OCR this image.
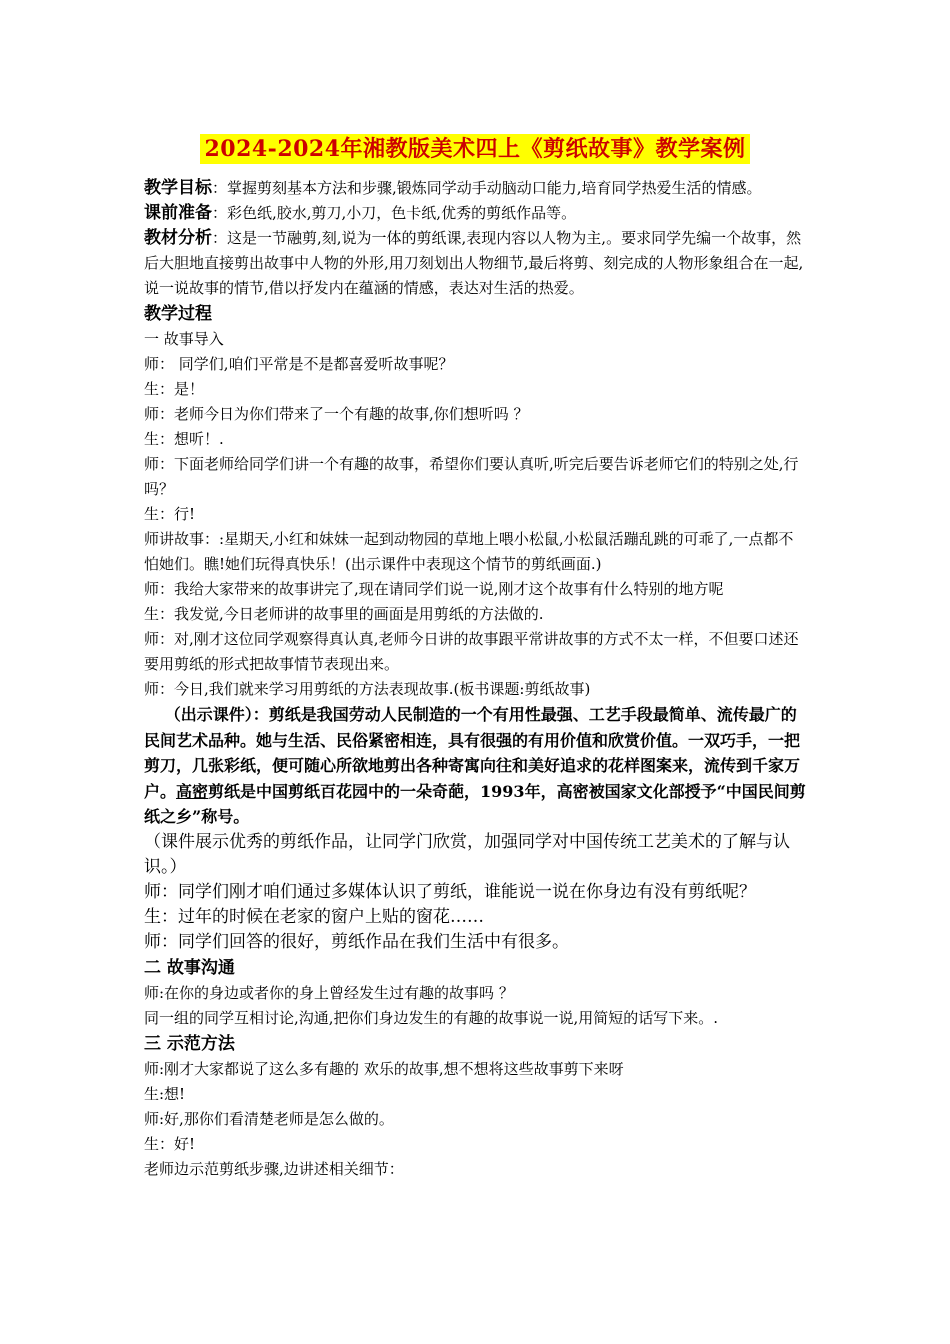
2024-2024年湘教版美术四上《剪纸故事》教学案例

教学目标：掌握剪刻基本方法和步骤,锻炼同学动手动脑动口能力,培育同学热爱生活的情感。

课前准备：彩色纸,胶水,剪刀,小刀，色卡纸,优秀的剪纸作品等。

教材分析：这是一节融剪,刻,说为一体的剪纸课,表现内容以人物为主,。要求同学先编一个故事，然后大胆地直接剪出故事中人物的外形,用刀刻划出人物细节,最后将剪、刻完成的人物形象组合在一起,说一说故事的情节,借以抒发内在蕴涵的情感，表达对生活的热爱。

教学过程

一 故事导入

师： 同学们,咱们平常是不是都喜爱听故事呢？

生：是！

师：老师今日为你们带来了一个有趣的故事,你们想听吗 ？

生：想听！.

师：下面老师给同学们讲一个有趣的故事，希望你们要认真听,听完后要告诉老师它们的特别之处,行吗？

生：行!

师讲故事：:星期天,小红和妹妹一起到动物园的草地上喂小松鼠,小松鼠活蹦乱跳的可乖了,一点都不怕她们。瞧!她们玩得真快乐！(出示课件中表现这个情节的剪纸画面.)

师：我给大家带来的故事讲完了,现在请同学们说一说,刚才这个故事有什么特别的地方呢

生：我发觉,今日老师讲的故事里的画面是用剪纸的方法做的.

师：对,刚才这位同学观察得真认真,老师今日讲的故事跟平常讲故事的方式不太一样，不但要口述还要用剪纸的形式把故事情节表现出来。

师：今日,我们就来学习用剪纸的方法表现故事.(板书课题:剪纸故事)

（出示课件）：剪纸是我国劳动人民制造的一个有用性最强、工艺手段最简单、流传最广的民间艺术品种。她与生活、民俗紧密相连，具有很强的有用价值和欣赏价值。一双巧手，一把剪刀，几张彩纸，便可随心所欲地剪出各种寄寓向往和美好追求的花样图案来，流传到千家万户。高密剪纸是中国剪纸百花园中的一朵奇葩，1993年，高密被国家文化部授予“中国民间剪纸之乡”称号。

（课件展示优秀的剪纸作品，让同学门欣赏，加强同学对中国传统工艺美术的了解与认识。）

师：同学们刚才咱们通过多媒体认识了剪纸，谁能说一说在你身边有没有剪纸呢？

生：过年的时候在老家的窗户上贴的窗花……

师：同学们回答的很好，剪纸作品在我们生活中有很多。

二 故事沟通

师:在你的身边或者你的身上曾经发生过有趣的故事吗 ？

同一组的同学互相讨论,沟通,把你们身边发生的有趣的故事说一说,用简短的话写下来。.

三 示范方法

师:刚才大家都说了这么多有趣的 欢乐的故事,想不想将这些故事剪下来呀

生:想!

师:好,那你们看清楚老师是怎么做的。

生：好!

老师边示范剪纸步骤,边讲述相关细节：
